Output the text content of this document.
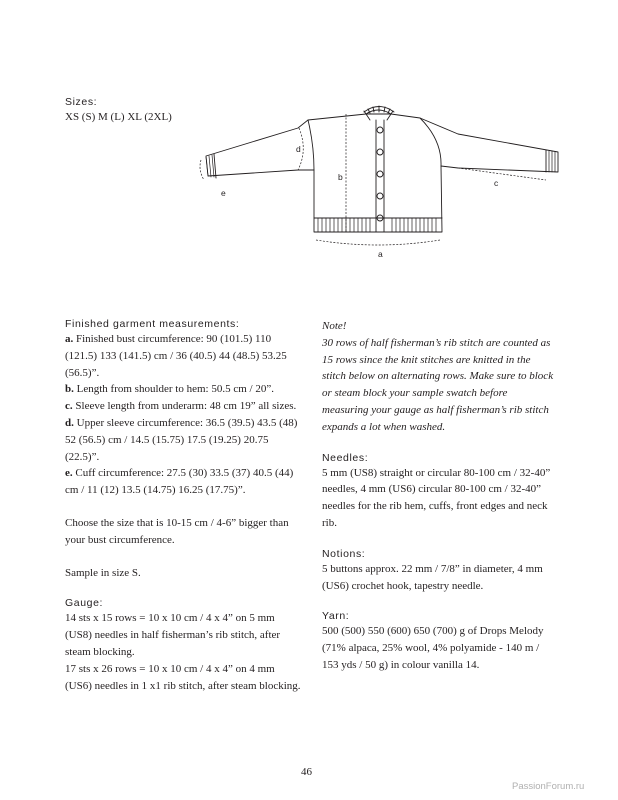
Sizes:
XS (S) M (L) XL (2XL)
a
b
c
d
e
Finished garment measurements:

a. Finished bust circumference: 90 (101.5) 110 (121.5) 133 (141.5) cm / 36 (40.5) 44 (48.5) 53.25 (56.5)”.

b. Length from shoulder to hem: 50.5 cm / 20”.

c. Sleeve length from underarm: 48 cm 19” all sizes.

d. Upper sleeve circumference: 36.5 (39.5) 43.5 (48) 52 (56.5) cm / 14.5 (15.75) 17.5 (19.25) 20.75 (22.5)”.

e. Cuff circumference: 27.5 (30) 33.5 (37) 40.5 (44) cm / 11 (12) 13.5 (14.75) 16.25 (17.75)”.

Choose the size that is 10-15 cm / 4-6” bigger than your bust circumference.

Sample in size S.

Gauge:

14 sts x 15 rows = 10 x 10 cm / 4 x 4” on 5 mm (US8) needles in half fisherman’s rib stitch, after steam blocking.

17 sts x 26 rows = 10 x 10 cm / 4 x 4” on 4 mm (US6) needles in 1 x1 rib stitch, after steam blocking.

Note!

30 rows of half fisherman’s rib stitch are counted as 15 rows since the knit stitches are knitted in the stitch below on alternating rows. Make sure to block or steam block your sample swatch before measuring your gauge as half fisherman’s rib stitch expands a lot when washed.

Needles:

5 mm (US8) straight or circular 80-100 cm / 32-40” needles, 4 mm (US6) circular 80-100 cm / 32-40” needles for the rib hem, cuffs, front edges and neck rib.

Notions:

5 buttons approx. 22 mm / 7/8” in diameter, 4 mm (US6) crochet hook, tapestry needle.

Yarn:

500 (500) 550 (600) 650 (700) g of Drops Melody (71% alpaca, 25% wool, 4% polyamide - 140 m / 153 yds / 50 g) in colour vanilla 14.

46
PassionForum.ru
